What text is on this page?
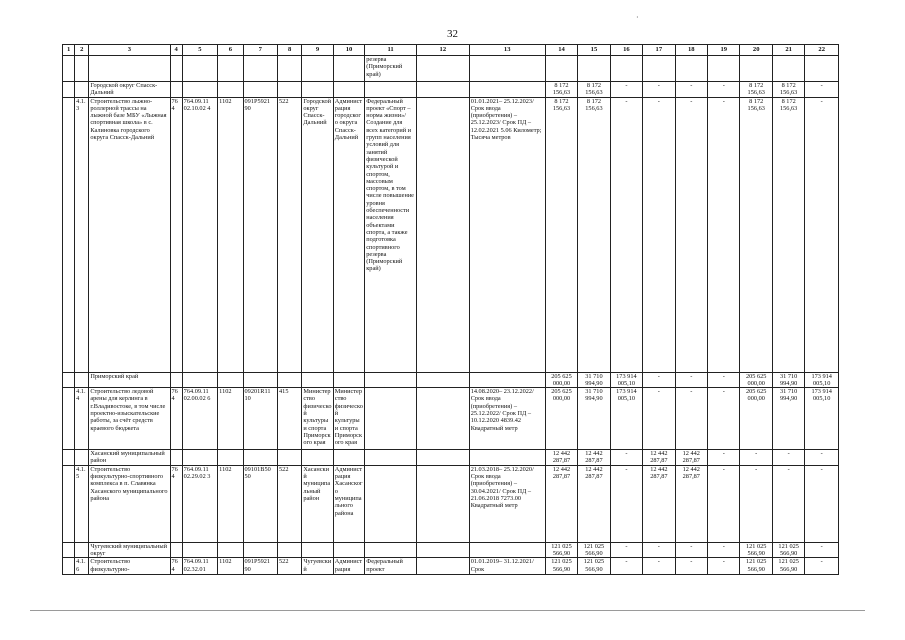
·
32
1	2	3	4	5	6	7	8	9	10	11	12	13	14	15	16	17	18	19	20	21	22
										резерва (Приморский край)											
		Городской округ Спасск-Дальний											8 172 156,63	8 172 156,63	-	-	-	-	8 172 156,63	8 172 156,63	-
	4.1.3	Строительство лыжно-роллерной трассы на лыжной базе МБУ «Лыжная спортивная школа» в с. Калиновка городского округа Спасск-Дальний	764	764.09.11 02.10.02 4	1102	091Р5921 90	522	Городской округ Спасск-Дальний	Администрация городского округа Спасск-Дальний	Федеральный проект «Спорт – норма жизни»/Создание для всех категорий и групп населения условий для занятий физической культурой и спортом, массовым спортом, в том числе повышение уровня обеспеченности населения объектами спорта, а также подготовка спортивного резерва (Приморский край)		01.01.2021– 25.12.2023/ Срок ввода (приобретения) – 25.12.2023/ Срок ПД – 12.02.2021 5.06 Километр; Тысяча метров	8 172 156,63	8 172 156,63	-	-	-	-	8 172 156,63	8 172 156,63	-
		Приморский край											205 625 000,00	31 710 994,90	173 914 005,10	-	-	-	205 625 000,00	31 710 994,90	173 914 005,10
	4.1.4	Строительство ледовой арены для керлинга в г.Владивостоке, в том числе проектно-изыскательские работы, за счёт средств краевого бюджета	764	764.09.11 02.00.02 6	1102	09201R11 10	415	Министерство физической культуры и спорта Приморского края	Министерство физической культуры и спорта Приморского края			14.08.2020– 23.12.2022/ Срок ввода (приобретения) – 25.12.2022/ Срок ПД – 10.12.2020 4839.42 Квадратный метр	205 625 000,00	31 710 994,90	173 914 005,10	-	-	-	205 625 000,00	31 710 994,90	173 914 005,10
		Хасанский муниципальный район											12 442 287,87	12 442 287,87	-	12 442 287,87	12 442 287,87	-	-	-	-
	4.1.5	Строительство физкультурно-спортивного комплекса в п. Славянка Хасанского муниципального района	764	764.09.11 02.29.02 3	1102	09101В50 50	522	Хасанский муниципальный район	Администрация Хасанского муниципального района			21.03.2018– 25.12.2020/ Срок ввода (приобретения) – 30.04.2021/ Срок ПД – 21.06.2018 7273.00 Квадратный метр	12 442 287,87	12 442 287,87	-	12 442 287,87	12 442 287,87	-	-	-	-
		Чугуевский муниципальный округ											121 025 566,90	121 025 566,90	-	-	-	-	121 025 566,90	121 025 566,90	-
	4.1.6	Строительство физкультурно-	764	764.09.11 02.32.01	1102	091Р5921 90	522	Чугуевский	Администрация	Федеральный проект		01.01.2019– 31.12.2021/ Срок	121 025 566,90	121 025 566,90	-	-	-	-	121 025 566,90	121 025 566,90	-
